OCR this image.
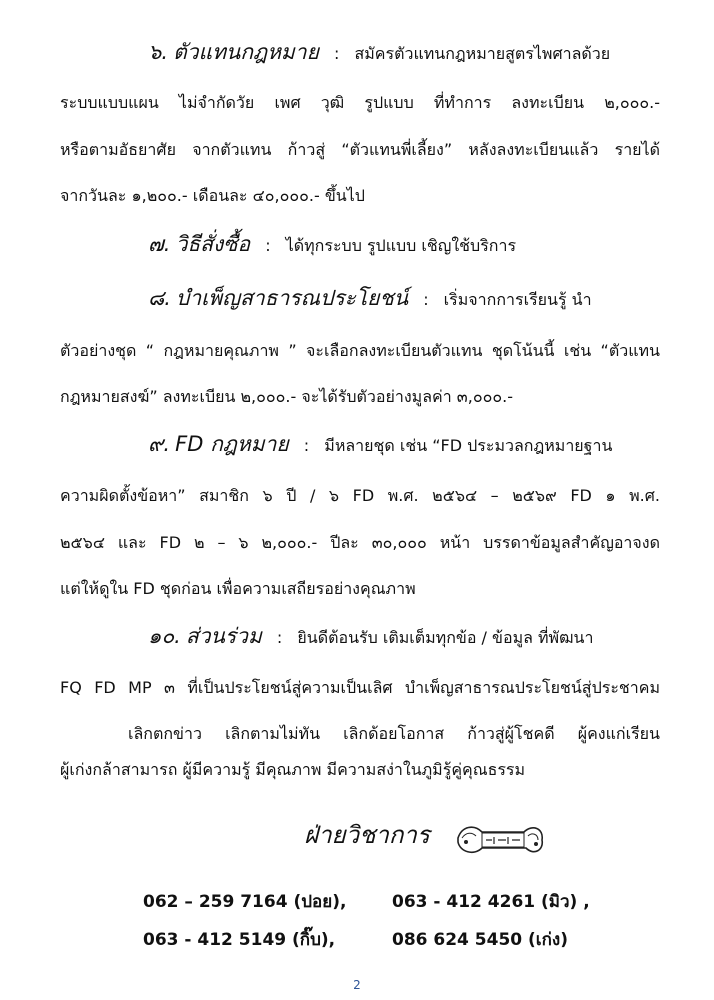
๖. ตัวแทนกฎหมาย : สมัครตัวแทนกฎหมายสูตรไพศาลด้วย
ระบบแบบแผน ไม่จำกัดวัย เพศ วุฒิ รูปแบบ ที่ทำการ ลงทะเบียน ๒,๐๐๐.-
หรือตามอัธยาศัย จากตัวแทน ก้าวสู่ “ตัวแทนพี่เลี้ยง” หลังลงทะเบียนแล้ว รายได้
จากวันละ ๑,๒๐๐.- เดือนละ ๔๐,๐๐๐.- ขึ้นไป
๗. วิธีสั่งซื้อ : ได้ทุกระบบ รูปแบบ เชิญใช้บริการ
๘. บำเพ็ญสาธารณประโยชน์ : เริ่มจากการเรียนรู้ นำ
ตัวอย่างชุด “ กฎหมายคุณภาพ ” จะเลือกลงทะเบียนตัวแทน ชุดโน้นนี้ เช่น “ตัวแทน
กฎหมายสงฆ์” ลงทะเบียน ๒,๐๐๐.- จะได้รับตัวอย่างมูลค่า ๓,๐๐๐.-
๙. FD กฎหมาย : มีหลายชุด เช่น “FD ประมวลกฎหมายฐาน
ความผิดตั้งข้อหา” สมาชิก ๖ ปี / ๖ FD พ.ศ. ๒๕๖๔ – ๒๕๖๙ FD ๑ พ.ศ.
๒๕๖๔ และ FD ๒ – ๖ ๒,๐๐๐.- ปีละ ๓๐,๐๐๐ หน้า บรรดาข้อมูลสำคัญอาจงด
แต่ให้ดูใน FD ชุดก่อน เพื่อความเสถียรอย่างคุณภาพ
๑๐. ส่วนร่วม : ยินดีต้อนรับ เติมเต็มทุกข้อ / ข้อมูล ที่พัฒนา
FQ FD MP ๓ ที่เป็นประโยชน์สู่ความเป็นเลิศ บำเพ็ญสาธารณประโยชน์สู่ประชาคม
เลิกตกข่าว เลิกตามไม่ทัน เลิกด้อยโอกาส ก้าวสู่ผู้โชคดี ผู้คงแก่เรียน
ผู้เก่งกล้าสามารถ ผู้มีความรู้ มีคุณภาพ มีความสง่าในภูมิรู้คู่คุณธรรม
ฝ่ายวิชาการ
062 – 259 7164 (ปอย),	063 - 412 4261 (มิว) ,
063 - 412 5149 (กิ๊บ),	086 624 5450 (เก่ง)
2
